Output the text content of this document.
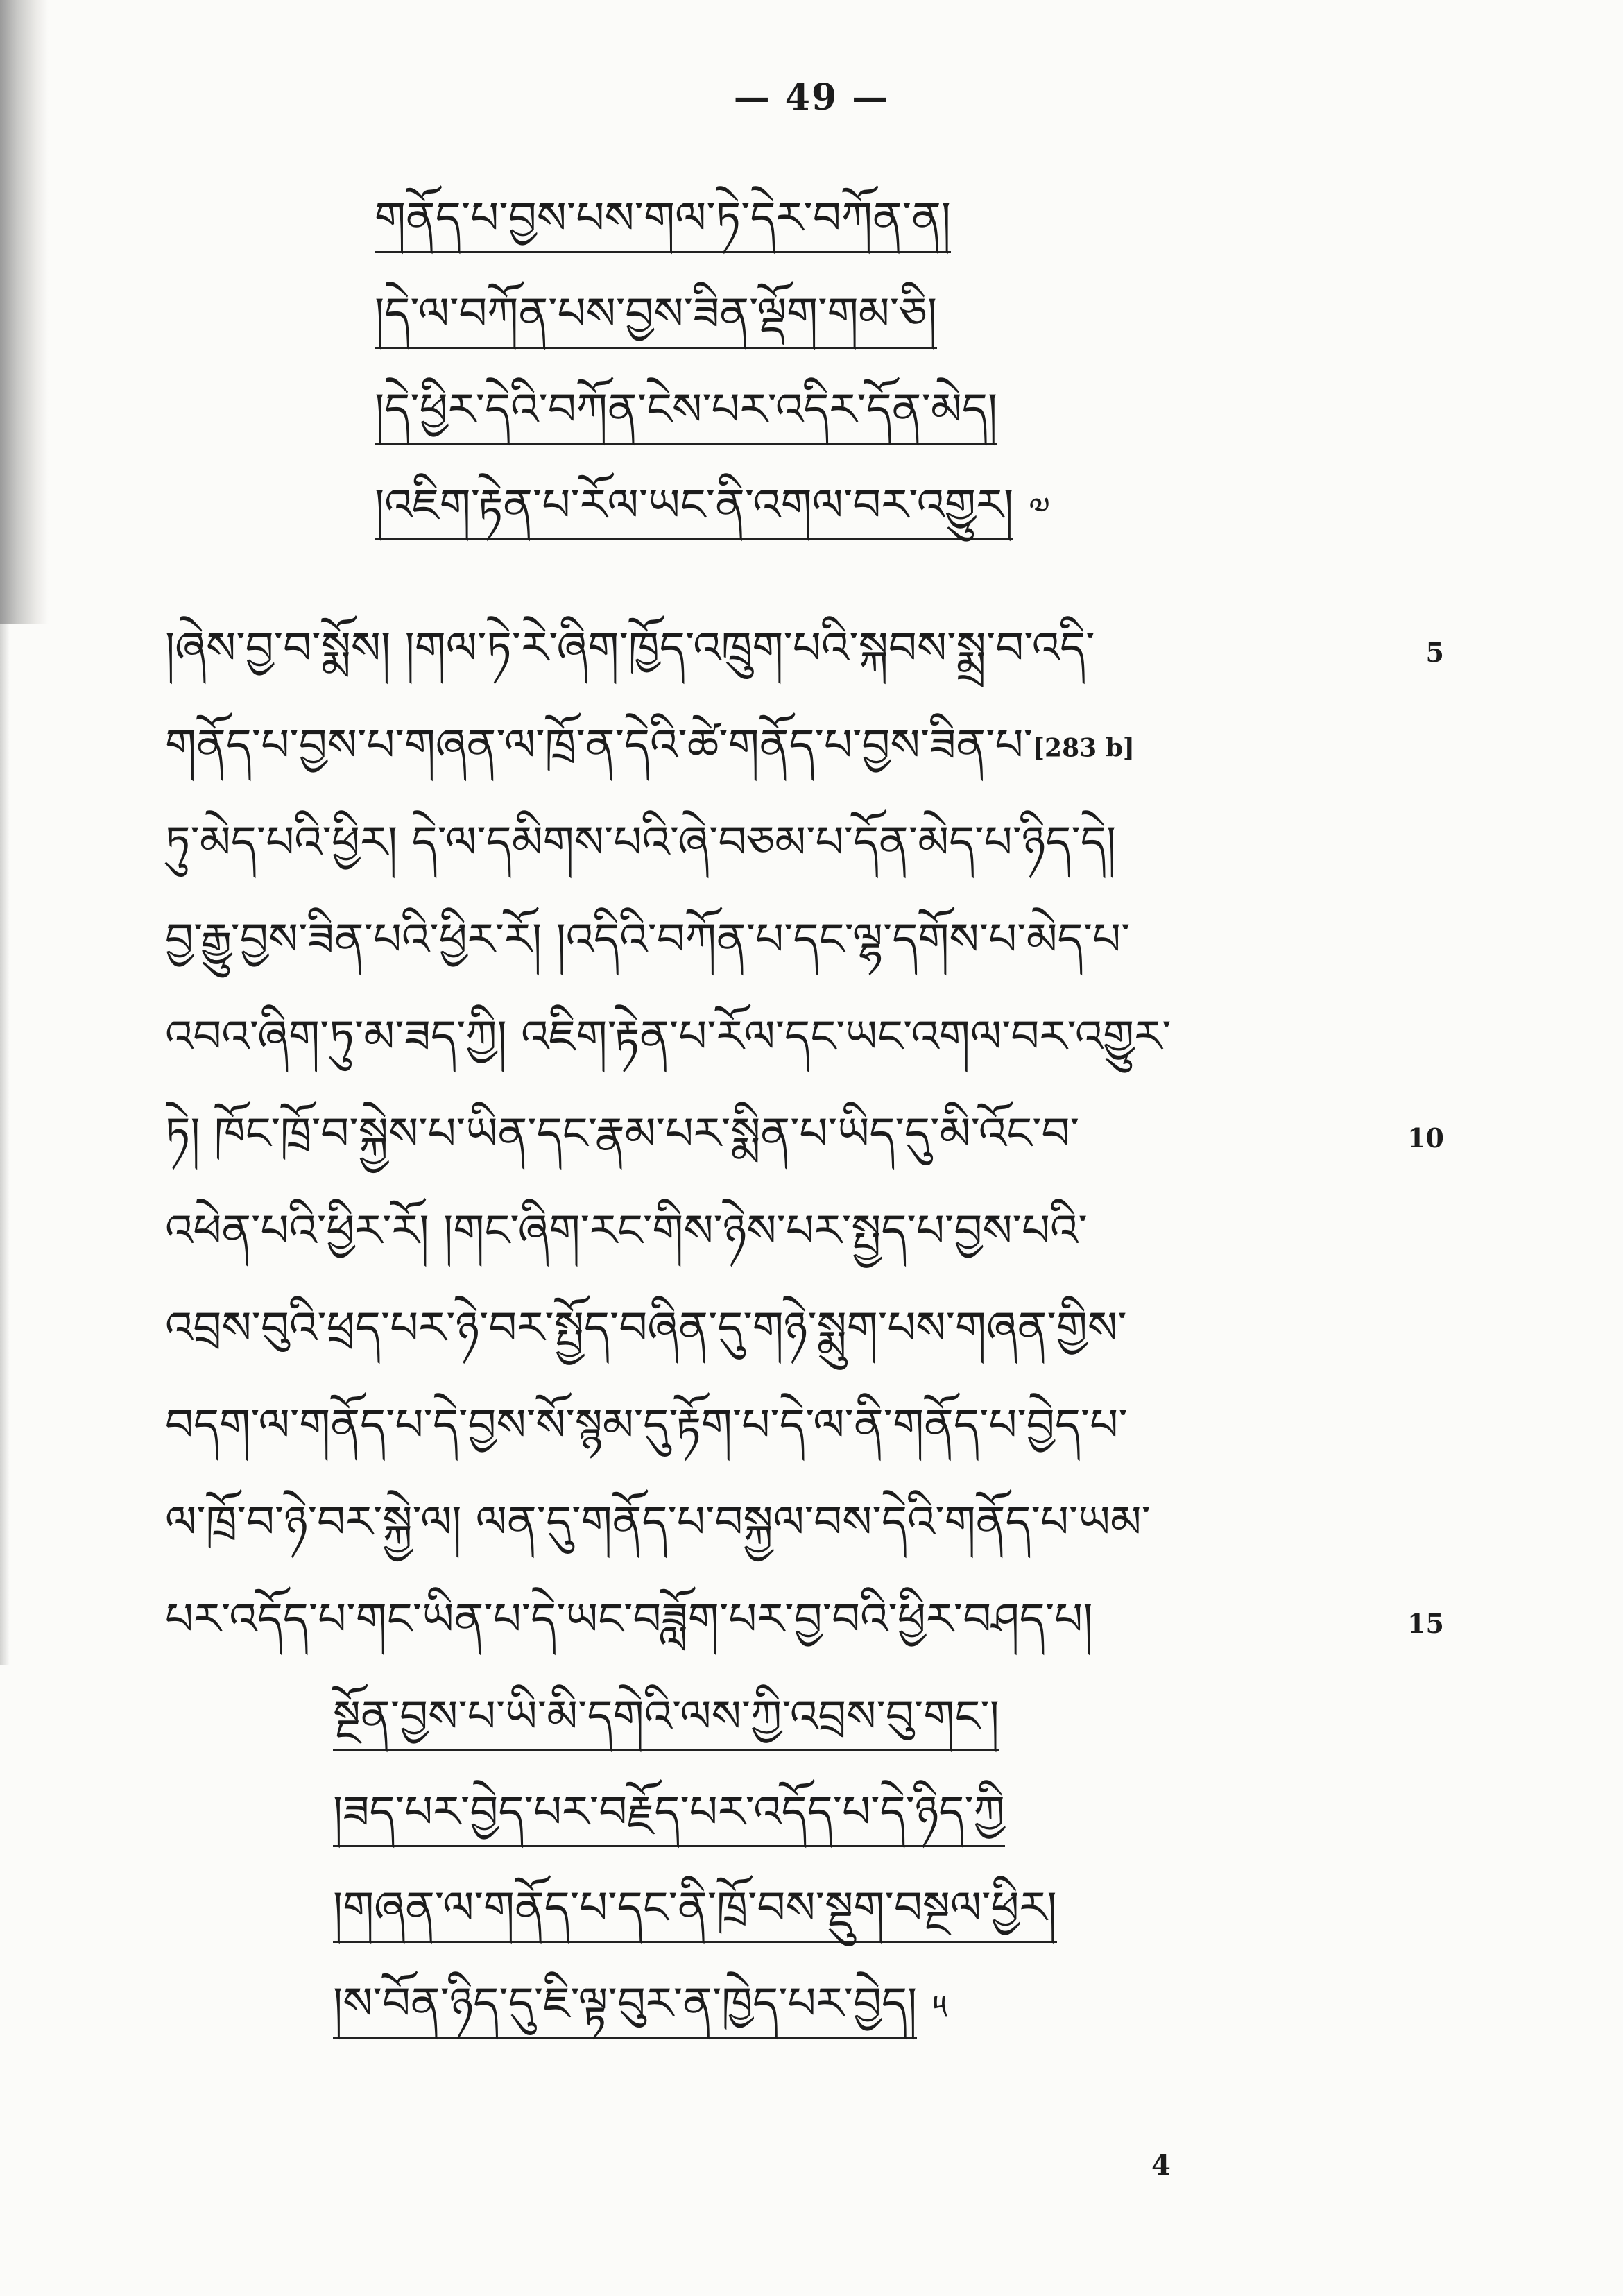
— 49 —
གནོད་པ་བྱས་པས་གལ་ཏེ་དེར་བཀོན་ན།
།དེ་ལ་བཀོན་པས་བྱས་ཟིན་ལྡོག་གམ་ཅི།
།དེ་ཕྱིར་དེའི་བཀོན་ངེས་པར་འདིར་དོན་མེད།
།འཇིག་རྟེན་པ་རོལ་ཡང་ནི་འགལ་བར་འགྱུར། ༧
།ཞེས་བྱ་བ་སྨོས། །གལ་ཏེ་རེ་ཞིག་ཁྱོད་འཁྲུག་པའི་སྐབས་སྨྲ་བ་འདི་
གནོད་པ་བྱས་པ་གཞན་ལ་ཁྲོ་ན་དེའི་ཚེ་གནོད་པ་བྱས་ཟིན་པ་[283 b]
ཏུ་མེད་པའི་ཕྱིར། དེ་ལ་དམིགས་པའི་ཞེ་བཅམ་པ་དོན་མེད་པ་ཉིད་དེ།
བྱ་རྒྱུ་བྱས་ཟིན་པའི་ཕྱིར་རོ། །འདིའི་བཀོན་པ་དང་ལྷ་དགོས་པ་མེད་པ་
འབའ་ཞིག་ཏུ་མ་ཟད་ཀྱི། འཇིག་རྟེན་པ་རོལ་དང་ཡང་འགལ་བར་འགྱུར་
ཏེ། ཁོང་ཁྲོ་བ་སྐྱེས་པ་ཡིན་དང་རྣམ་པར་སྨིན་པ་ཡིད་དུ་མི་འོང་བ་
འཕེན་པའི་ཕྱིར་རོ། །གང་ཞིག་རང་གིས་ཉེས་པར་སྤྱད་པ་བྱས་པའི་
འབྲས་བུའི་ཕྲད་པར་ཉེ་བར་སྤྱོད་བཞིན་དུ་གཉེ་སྨུག་པས་གཞན་གྱིས་
བདག་ལ་གནོད་པ་དེ་བྱས་སོ་སྙམ་དུ་རྟོག་པ་དེ་ལ་ནི་གནོད་པ་བྱེད་པ་
ལ་ཁྲོ་བ་ཉེ་བར་སྐྱེ་ལ། ལན་དུ་གནོད་པ་བསྐྱལ་བས་དེའི་གནོད་པ་ཡམ་
པར་འདོད་པ་གང་ཡིན་པ་དེ་ཡང་བཟློག་པར་བྱ་བའི་ཕྱིར་བཤད་པ།
5
10
15
སྔོན་བྱས་པ་ཡི་མི་དགེའི་ལས་ཀྱི་འབྲས་བུ་གང་།
།ཟད་པར་བྱེད་པར་བརྗོད་པར་འདོད་པ་དེ་ཉིད་ཀྱི
།གཞན་ལ་གནོད་པ་དང་ནི་ཁྲོ་བས་སྡུག་བསྔལ་ཕྱིར།
།ས་བོན་ཉིད་དུ་ཇི་ལྟ་བུར་ན་ཁྱེད་པར་བྱེད། ༥
4
